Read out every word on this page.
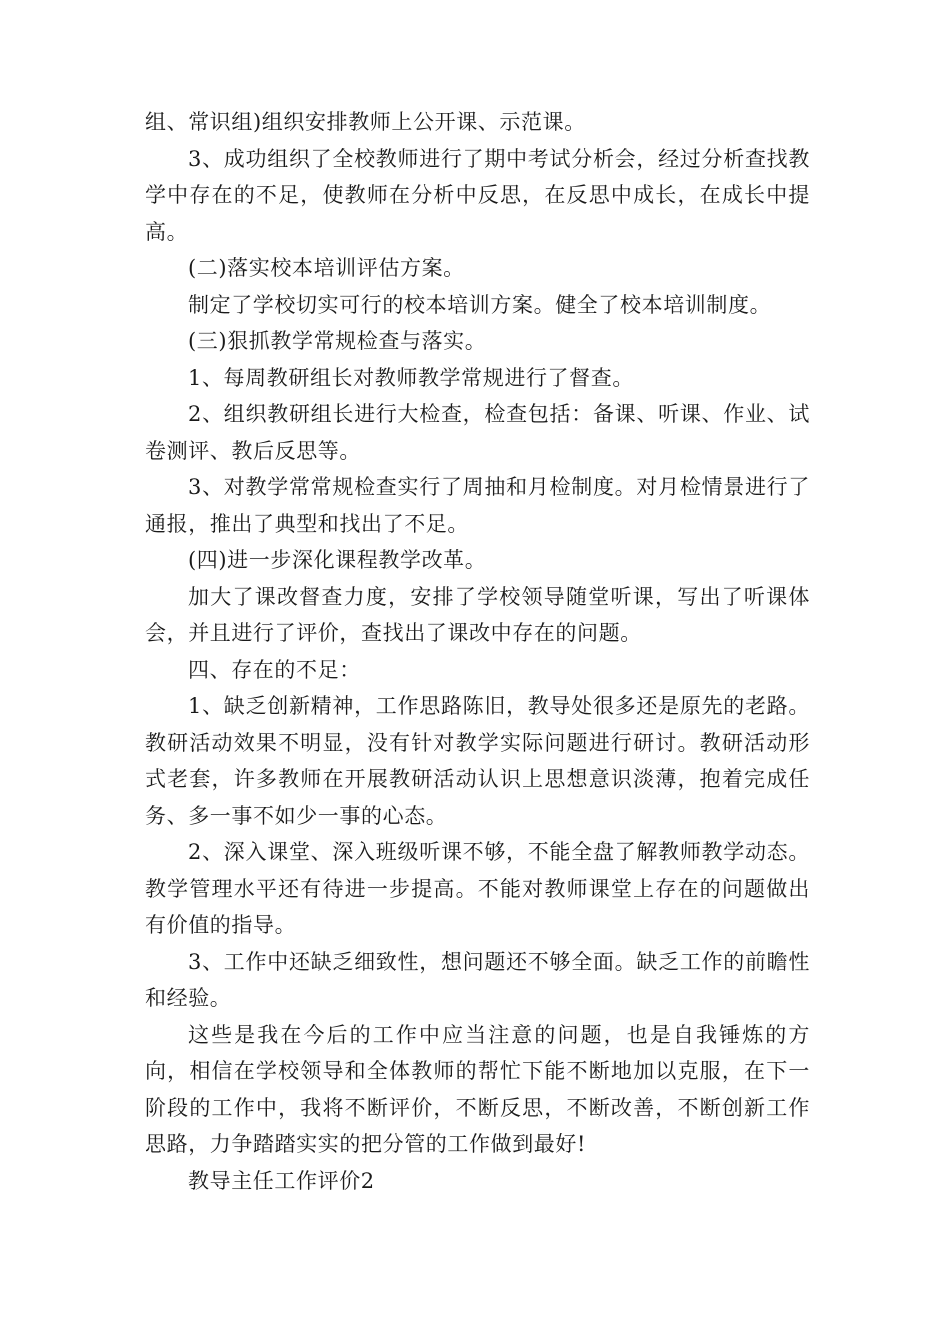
组、常识组)组织安排教师上公开课、示范课。

3、成功组织了全校教师进行了期中考试分析会，经过分析查找教学中存在的不足，使教师在分析中反思，在反思中成长，在成长中提高。

(二)落实校本培训评估方案。

制定了学校切实可行的校本培训方案。健全了校本培训制度。

(三)狠抓教学常规检查与落实。

1、每周教研组长对教师教学常规进行了督查。

2、组织教研组长进行大检查，检查包括：备课、听课、作业、试卷测评、教后反思等。

3、对教学常常规检查实行了周抽和月检制度。对月检情景进行了通报，推出了典型和找出了不足。

(四)进一步深化课程教学改革。

加大了课改督查力度，安排了学校领导随堂听课，写出了听课体会，并且进行了评价，查找出了课改中存在的问题。

四、存在的不足：

1、缺乏创新精神，工作思路陈旧，教导处很多还是原先的老路。教研活动效果不明显，没有针对教学实际问题进行研讨。教研活动形式老套，许多教师在开展教研活动认识上思想意识淡薄，抱着完成任务、多一事不如少一事的心态。

2、深入课堂、深入班级听课不够，不能全盘了解教师教学动态。教学管理水平还有待进一步提高。不能对教师课堂上存在的问题做出有价值的指导。

3、工作中还缺乏细致性，想问题还不够全面。缺乏工作的前瞻性和经验。

这些是我在今后的工作中应当注意的问题，也是自我锤炼的方向，相信在学校领导和全体教师的帮忙下能不断地加以克服，在下一阶段的工作中，我将不断评价，不断反思，不断改善，不断创新工作思路，力争踏踏实实的把分管的工作做到最好!

教导主任工作评价2
